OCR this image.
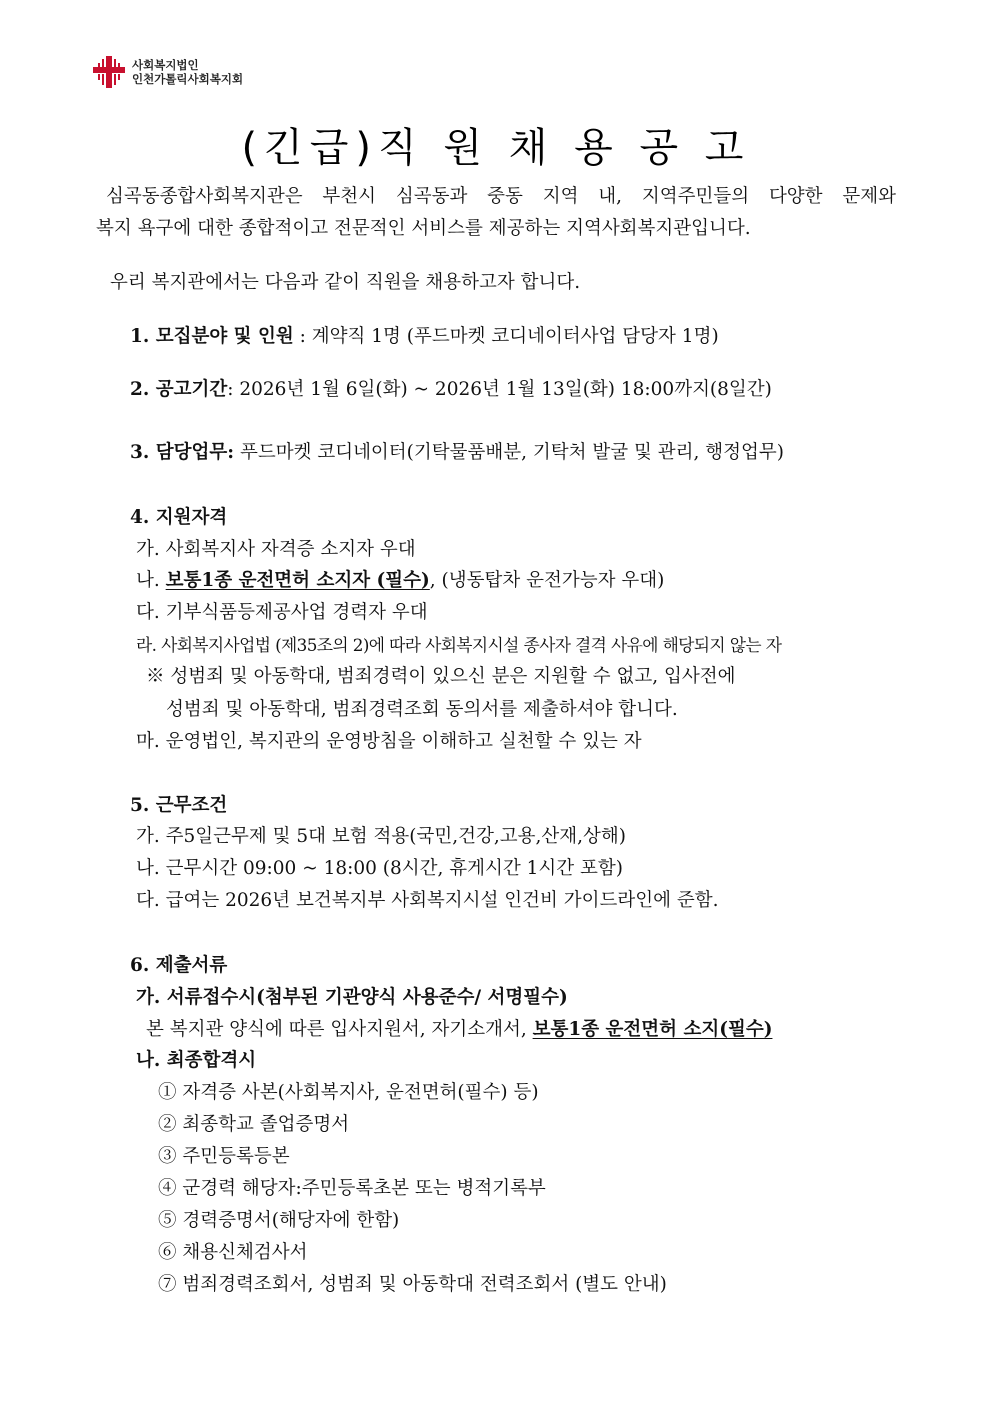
사회복지법인
인천가톨릭사회복지회
(긴급)직 원 채 용 공 고
심곡동종합사회복지관은 부천시 심곡동과 중동 지역 내, 지역주민들의 다양한 문제와
복지 욕구에 대한 종합적이고 전문적인 서비스를 제공하는 지역사회복지관입니다.
우리 복지관에서는 다음과 같이 직원을 채용하고자 합니다.
1. 모집분야 및 인원 : 계약직 1명 (푸드마켓 코디네이터사업 담당자 1명)
2. 공고기간: 2026년 1월 6일(화) ~ 2026년 1월 13일(화) 18:00까지(8일간)
3. 담당업무: 푸드마켓 코디네이터(기탁물품배분, 기탁처 발굴 및 관리, 행정업무)
4. 지원자격
가. 사회복지사 자격증 소지자 우대
나. 보통1종 운전면허 소지자 (필수), (냉동탑차 운전가능자 우대)
다. 기부식품등제공사업 경력자 우대
라. 사회복지사업법 (제35조의 2)에 따라 사회복지시설 종사자 결격 사유에 해당되지 않는 자
※ 성범죄 및 아동학대, 범죄경력이 있으신 분은 지원할 수 없고, 입사전에
성범죄 및 아동학대, 범죄경력조회 동의서를 제출하셔야 합니다.
마. 운영법인, 복지관의 운영방침을 이해하고 실천할 수 있는 자
5. 근무조건
가. 주5일근무제 및 5대 보험 적용(국민,건강,고용,산재,상해)
나. 근무시간 09:00 ~ 18:00 (8시간, 휴게시간 1시간 포함)
다. 급여는 2026년 보건복지부 사회복지시설 인건비 가이드라인에 준함.
6. 제출서류
가. 서류접수시(첨부된 기관양식 사용준수/ 서명필수)
본 복지관 양식에 따른 입사지원서, 자기소개서, 보통1종 운전면허 소지(필수)
나. 최종합격시
① 자격증 사본(사회복지사, 운전면허(필수) 등)
② 최종학교 졸업증명서
③ 주민등록등본
④ 군경력 해당자:주민등록초본 또는 병적기록부
⑤ 경력증명서(해당자에 한함)
⑥ 채용신체검사서
⑦ 범죄경력조회서, 성범죄 및 아동학대 전력조회서 (별도 안내)
